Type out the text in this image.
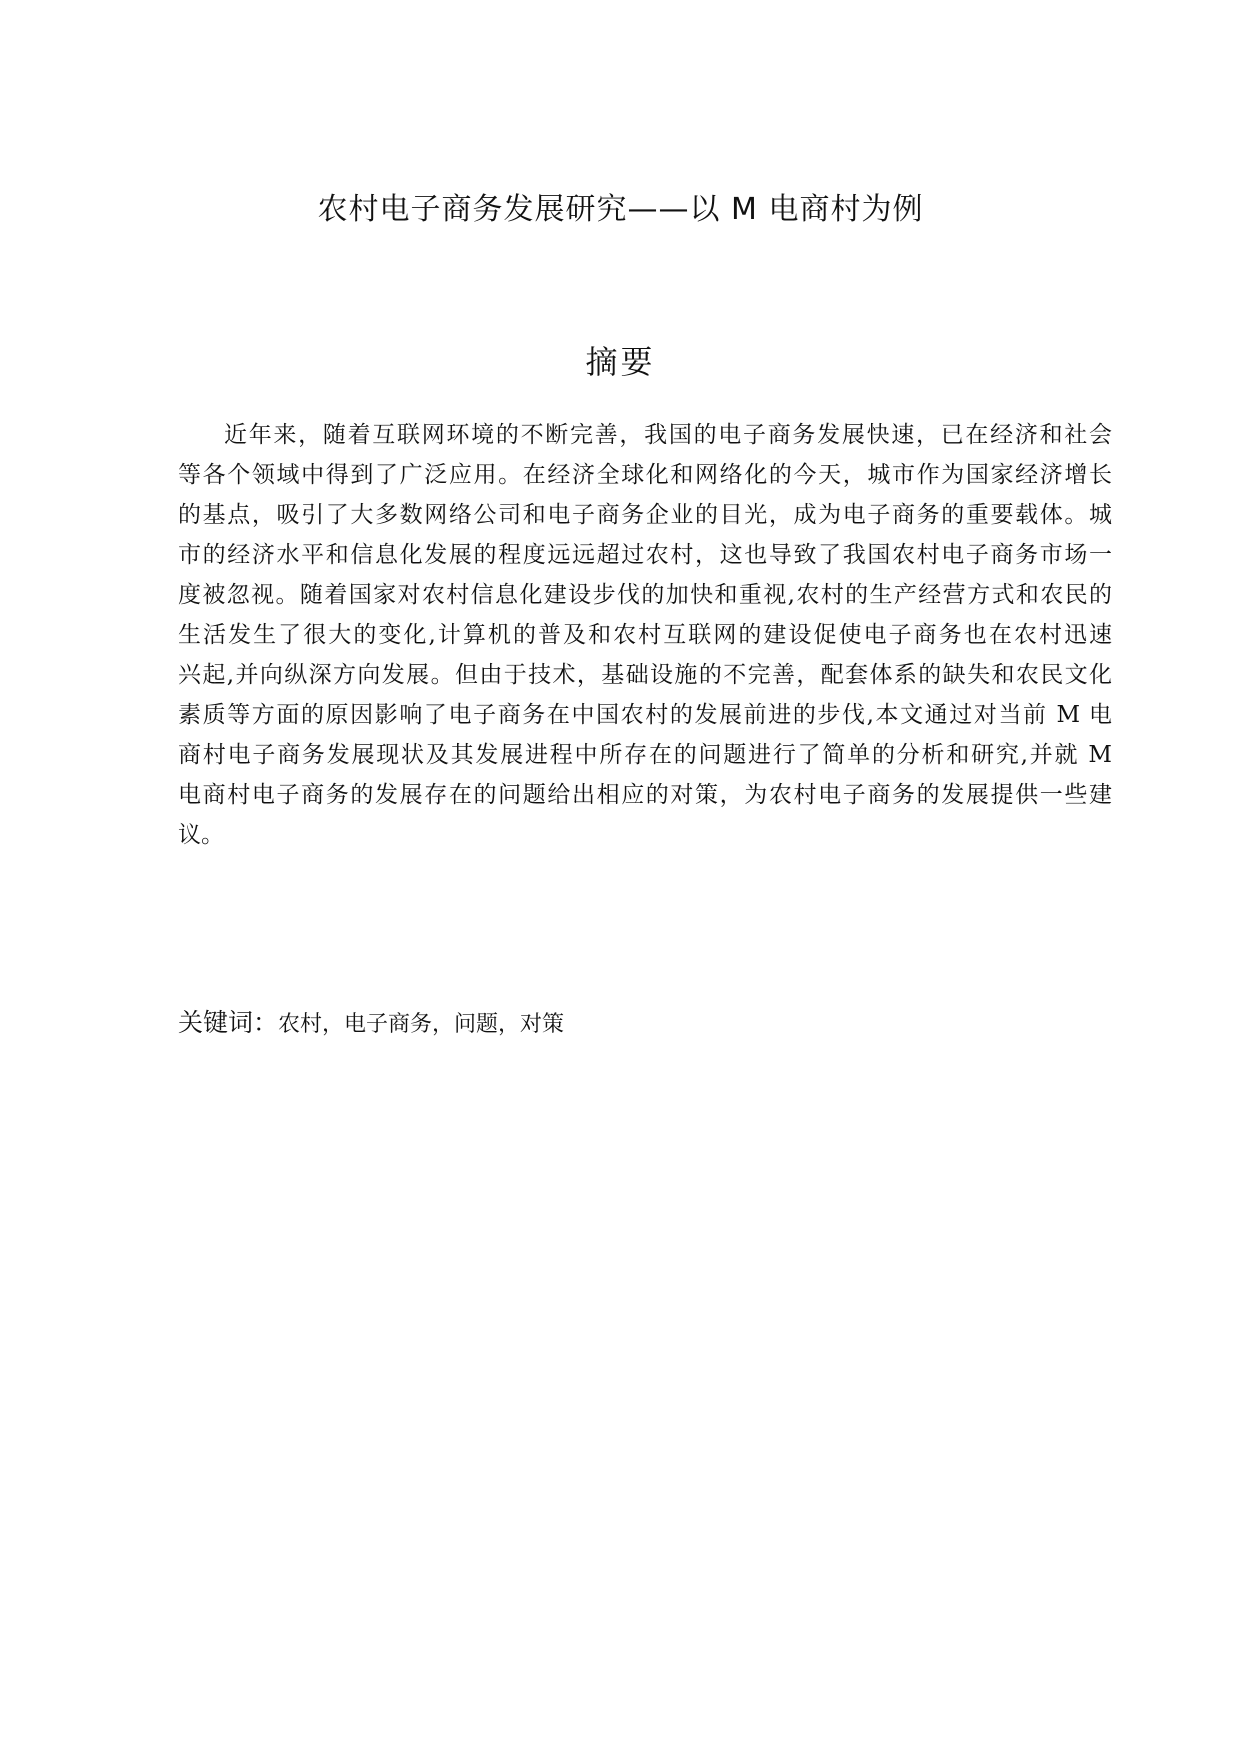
农村电子商务发展研究——以 M 电商村为例
摘要
近年来，随着互联网环境的不断完善，我国的电子商务发展快速，已在经济和社会
等各个领域中得到了广泛应用。在经济全球化和网络化的今天，城市作为国家经济增长
的基点，吸引了大多数网络公司和电子商务企业的目光，成为电子商务的重要载体。城
市的经济水平和信息化发展的程度远远超过农村，这也导致了我国农村电子商务市场一
度被忽视。随着国家对农村信息化建设步伐的加快和重视,农村的生产经营方式和农民的
生活发生了很大的变化,计算机的普及和农村互联网的建设促使电子商务也在农村迅速
兴起,并向纵深方向发展。但由于技术，基础设施的不完善，配套体系的缺失和农民文化
素质等方面的原因影响了电子商务在中国农村的发展前进的步伐,本文通过对当前 M 电
商村电子商务发展现状及其发展进程中所存在的问题进行了简单的分析和研究,并就 M
电商村电子商务的发展存在的问题给出相应的对策，为农村电子商务的发展提供一些建
议。
关键词：农村，电子商务，问题，对策
